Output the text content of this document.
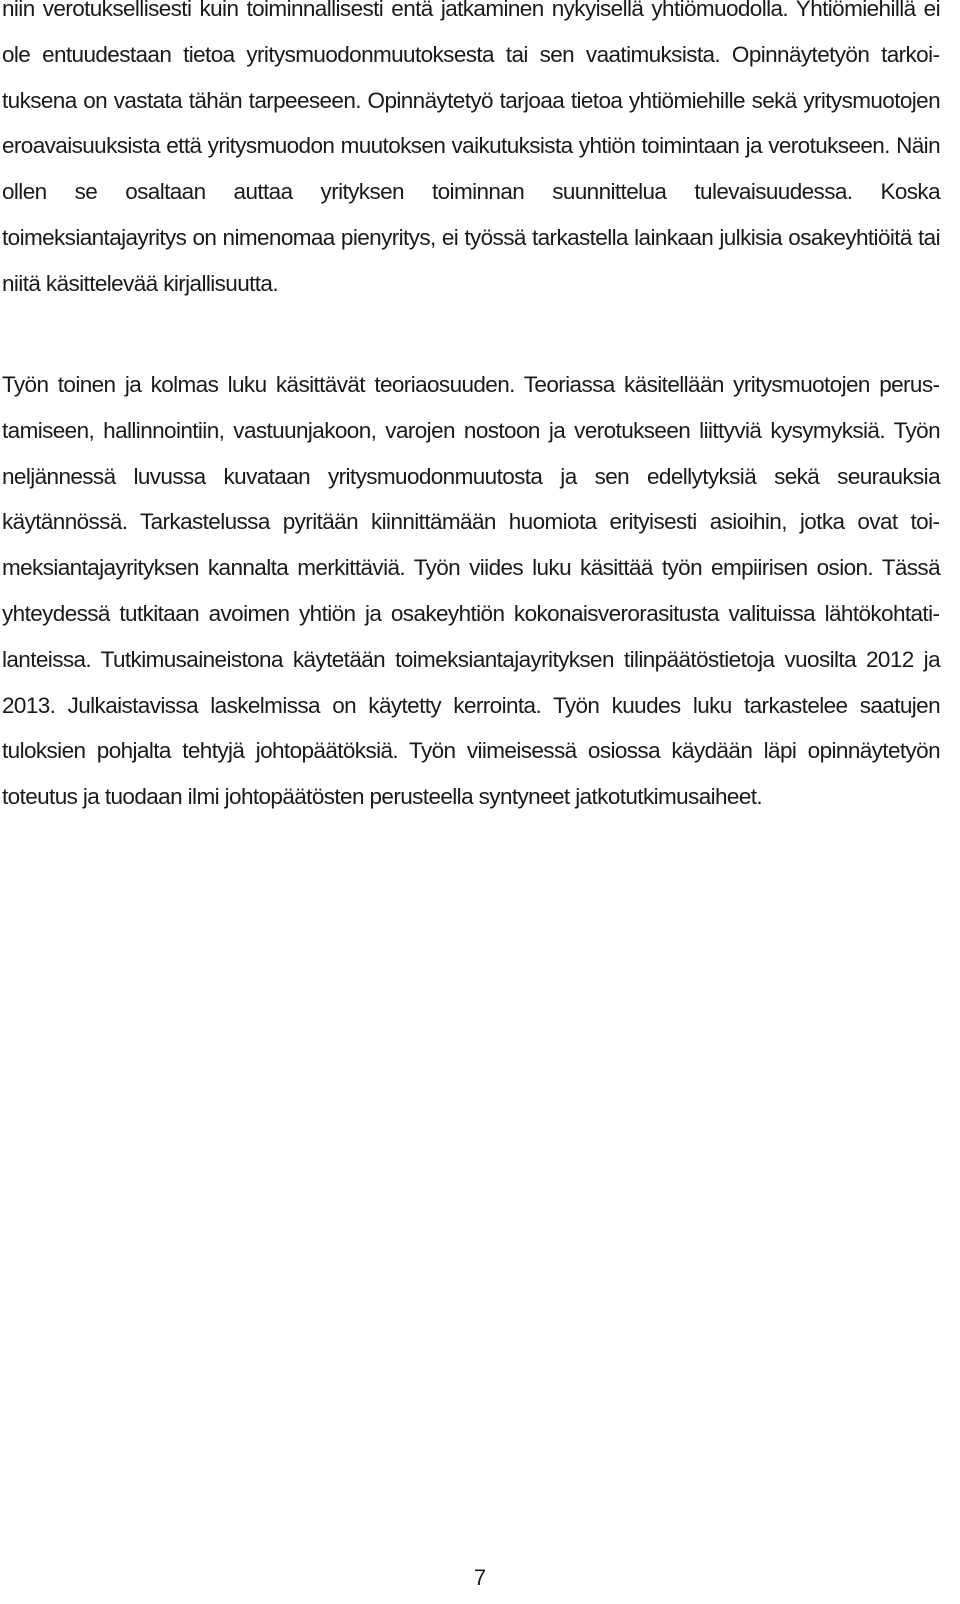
niin verotuksellisesti kuin toiminnallisesti entä jatkaminen nykyisellä yhtiömuodolla. Yhtiömiehillä ei ole entuudestaan tietoa yritysmuodonmuutoksesta tai sen vaatimuksista. Opinnäytetyön tarkoituksena on vastata tähän tarpeeseen. Opinnäytetyö tarjoaa tietoa yhtiömiehille sekä yritysmuotojen eroavaisuuksista että yritysmuodon muutoksen vaikutuksista yhtiön toimintaan ja verotukseen. Näin ollen se osaltaan auttaa yrityksen toiminnan suunnittelua tulevaisuudessa. Koska toimeksiantajayritys on nimenomaa pienyritys, ei työssä tarkastella lainkaan julkisia osakeyhtiöitä tai niitä käsittelevää kirjallisuutta.

Työn toinen ja kolmas luku käsittävät teoriaosuuden. Teoriassa käsitellään yritysmuotojen perustamiseen, hallinnointiin, vastuunjakoon, varojen nostoon ja verotukseen liittyviä kysymyksiä. Työn neljännessä luvussa kuvataan yritysmuodonmuutosta ja sen edellytyksiä sekä seurauksia käytännössä. Tarkastelussa pyritään kiinnittämään huomiota erityisesti asioihin, jotka ovat toimeksiantajayrityksen kannalta merkittäviä. Työn viides luku käsittää työn empiirisen osion. Tässä yhteydessä tutkitaan avoimen yhtiön ja osakeyhtiön kokonaisverorasitusta valituissa lähtökohtatilanteissa. Tutkimusaineistona käytetään toimeksiantajayrityksen tilinpäätöstietoja vuosilta 2012 ja 2013. Julkaistavissa laskelmissa on käytetty kerrointa. Työn kuudes luku tarkastelee saatujen tuloksien pohjalta tehtyjä johtopäätöksiä. Työn viimeisessä osiossa käydään läpi opinnäytetyön toteutus ja tuodaan ilmi johtopäätösten perusteella syntyneet jatkotutkimusaiheet.

7
